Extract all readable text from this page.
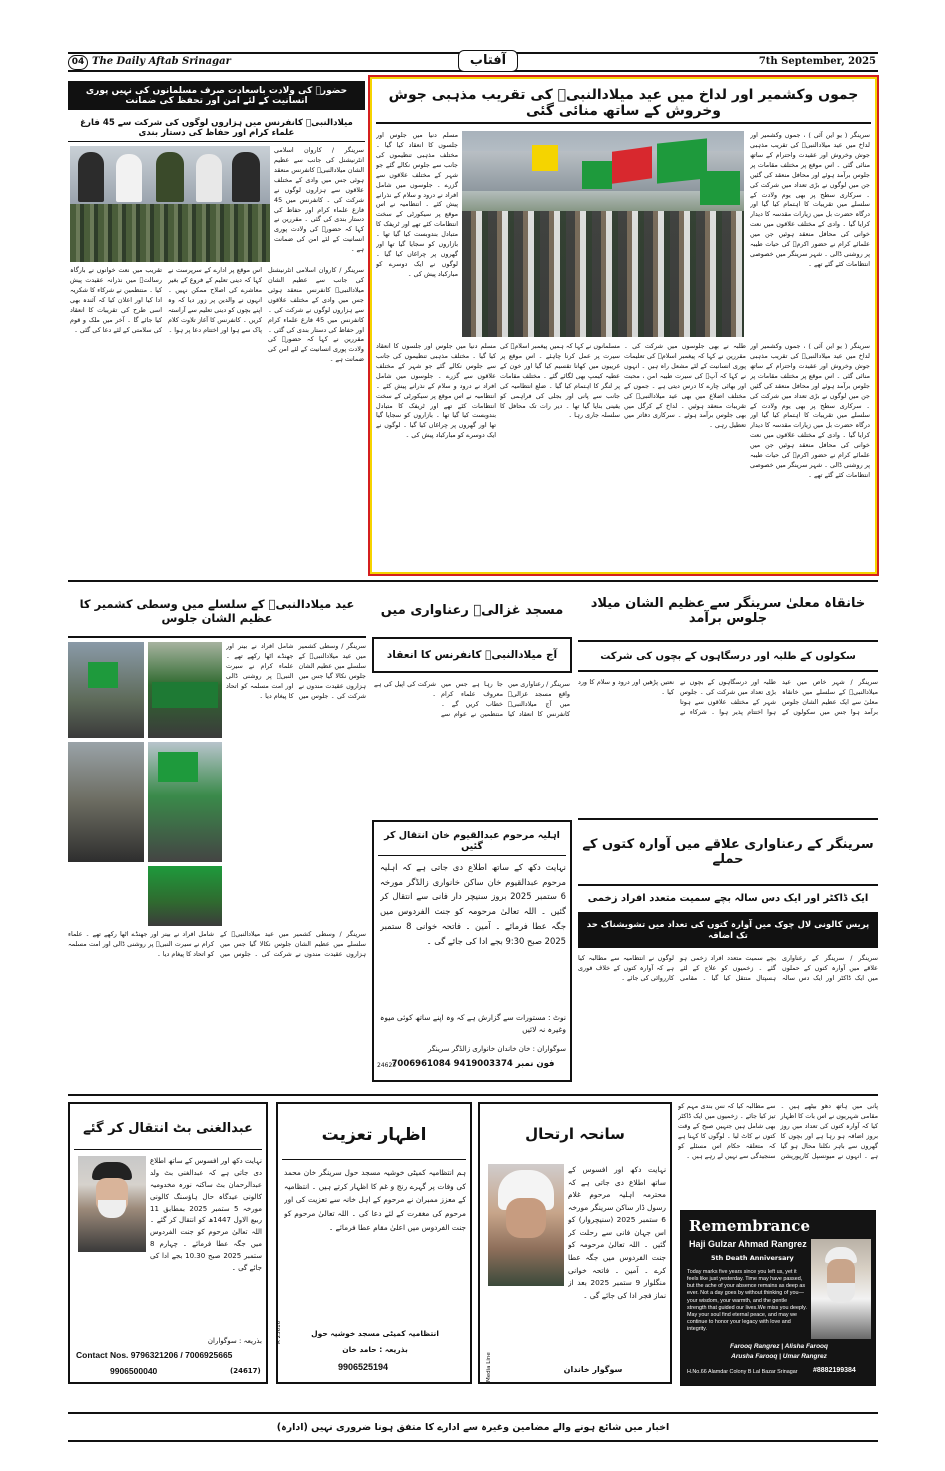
04 The Daily Aftab Srinagar	آفتاب	7th September, 2025
حضورؐ کی ولادت باسعادت صرف مسلمانوں کی نہیں پوری انسانیت کے لئے امن اور تحفظ کی ضمانت
میلادالنبیؐ کانفرنس میں ہزاروں لوگوں کی شرکت سے 45 فارغ علماء کرام اور حفاظ کی دستار بندی
سرینگر / کاروان اسلامی انٹرنیشنل کی جانب سے عظیم الشان میلادالنبیؐ کانفرنس منعقد ہوئی جس میں وادی کے مختلف علاقوں سے ہزاروں لوگوں نے شرکت کی ۔ کانفرنس میں 45 فارغ علماء کرام اور حفاظ کی دستار بندی کی گئی ۔ مقررین نے کہا کہ حضورؐ کی ولادت پوری انسانیت کے لئے امن کی ضمانت ہے ۔
تقریب میں نعت خوانوں نے بارگاہ رسالتؐ میں نذرانہ عقیدت پیش کیا ۔ منتظمین نے شرکاء کا شکریہ ادا کیا اور اعلان کیا کہ آئندہ بھی اسی طرح کی تقریبات کا انعقاد کیا جائے گا ۔ آخر میں ملک و قوم کی سلامتی کے لئے دعا کی گئی ۔
اس موقع پر ادارے کے سرپرست نے کہا کہ دینی تعلیم کے فروغ کے بغیر معاشرے کی اصلاح ممکن نہیں ۔ انہوں نے والدین پر زور دیا کہ وہ اپنے بچوں کو دینی تعلیم سے آراستہ کریں ۔ کانفرنس کا آغاز تلاوت کلام پاک سے ہوا اور اختتام دعا پر ہوا ۔
سرینگر / کاروان اسلامی انٹرنیشنل کی جانب سے عظیم الشان میلادالنبیؐ کانفرنس منعقد ہوئی جس میں وادی کے مختلف علاقوں سے ہزاروں لوگوں نے شرکت کی ۔ کانفرنس میں 45 فارغ علماء کرام اور حفاظ کی دستار بندی کی گئی ۔ مقررین نے کہا کہ حضورؐ کی ولادت پوری انسانیت کے لئے امن کی ضمانت ہے ۔
جموں وکشمیر اور لداخ میں عید میلادالنبیؐ کی تقریب مذہبی جوش وخروش کے ساتھ منائی گئی
سرینگر ( یو این آئی ) ، جموں وکشمیر اور لداخ میں عید میلادالنبیؐ کی تقریب مذہبی جوش وخروش اور عقیدت واحترام کے ساتھ منائی گئی ۔ اس موقع پر مختلف مقامات پر جلوس برآمد ہوئے اور محافل منعقد کی گئیں جن میں لوگوں نے بڑی تعداد میں شرکت کی ۔ سرکاری سطح پر بھی یوم ولادت کے سلسلے میں تقریبات کا اہتمام کیا گیا اور درگاہ حضرت بل میں زیارات مقدسہ کا دیدار کرایا گیا ۔ وادی کے مختلف علاقوں میں نعت خوانی کی محافل منعقد ہوئیں جن میں علمائے کرام نے حضور اکرمؐ کی حیات طیبہ پر روشنی ڈالی ۔ شہر سرینگر میں خصوصی انتظامات کئے گئے تھے ۔
مسلم دنیا میں جلوس اور جلسوں کا انعقاد کیا گیا ۔ مختلف مذہبی تنظیموں کی جانب سے جلوس نکالے گئے جو شہر کے مختلف علاقوں سے گزرے ۔ جلوسوں میں شامل افراد نے درود و سلام کے نذرانے پیش کئے ۔ انتظامیہ نے اس موقع پر سیکورٹی کے سخت انتظامات کئے تھے اور ٹریفک کا متبادل بندوبست کیا گیا تھا ۔ بازاروں کو سجایا گیا تھا اور گھروں پر چراغاں کیا گیا ۔ لوگوں نے ایک دوسرے کو مبارکباد پیش کی ۔
سرینگر ( یو این آئی ) ، جموں وکشمیر اور لداخ میں عید میلادالنبیؐ کی تقریب مذہبی جوش وخروش اور عقیدت واحترام کے ساتھ منائی گئی ۔ اس موقع پر مختلف مقامات پر جلوس برآمد ہوئے اور محافل منعقد کی گئیں جن میں لوگوں نے بڑی تعداد میں شرکت کی ۔ سرکاری سطح پر بھی یوم ولادت کے سلسلے میں تقریبات کا اہتمام کیا گیا اور درگاہ حضرت بل میں زیارات مقدسہ کا دیدار کرایا گیا ۔ وادی کے مختلف علاقوں میں نعت خوانی کی محافل منعقد ہوئیں جن میں علمائے کرام نے حضور اکرمؐ کی حیات طیبہ پر روشنی ڈالی ۔ شہر سرینگر میں خصوصی انتظامات کئے گئے تھے ۔
طلبہ نے بھی جلوسوں میں شرکت کی ۔ مقررین نے کہا کہ پیغمبر اسلامؐ کی تعلیمات پوری انسانیت کے لئے مشعل راہ ہیں ۔ انہوں نے کہا کہ آپؐ کی سیرت طیبہ امن ، محبت اور بھائی چارے کا درس دیتی ہے ۔ جموں کے مختلف اضلاع میں بھی عید میلادالنبیؐ کی تقریبات منعقد ہوئیں ۔ لداخ کے کرگل میں بھی جلوس برآمد ہوئے ۔ سرکاری دفاتر میں تعطیل رہی ۔
مسلمانوں نے کہا کہ ہمیں پیغمبر اسلامؐ کی سیرت پر عمل کرنا چاہئے ۔ اس موقع پر غریبوں میں کھانا تقسیم کیا گیا اور خون کے عطیہ کیمپ بھی لگائے گئے ۔ مختلف مقامات پر لنگر کا اہتمام کیا گیا ۔ ضلع انتظامیہ کی جانب سے پانی اور بجلی کی فراہمی کو یقینی بنایا گیا تھا ۔ دیر رات تک محافل کا سلسلہ جاری رہا ۔
مسلم دنیا میں جلوس اور جلسوں کا انعقاد کیا گیا ۔ مختلف مذہبی تنظیموں کی جانب سے جلوس نکالے گئے جو شہر کے مختلف علاقوں سے گزرے ۔ جلوسوں میں شامل افراد نے درود و سلام کے نذرانے پیش کئے ۔ انتظامیہ نے اس موقع پر سیکورٹی کے سخت انتظامات کئے تھے اور ٹریفک کا متبادل بندوبست کیا گیا تھا ۔ بازاروں کو سجایا گیا تھا اور گھروں پر چراغاں کیا گیا ۔ لوگوں نے ایک دوسرے کو مبارکباد پیش کی ۔
خانقاہ معلیٰ سرینگر سے عظیم الشان میلاد جلوس برآمد
سکولوں کے طلبہ اور درسگاہوں کے بچوں کی شرکت
سرینگر / شہر خاص میں عید میلادالنبیؐ کے سلسلے میں خانقاہ معلیٰ سے ایک عظیم الشان جلوس برآمد ہوا جس میں سکولوں کے طلبہ اور درسگاہوں کے بچوں نے بڑی تعداد میں شرکت کی ۔ جلوس شہر کے مختلف علاقوں سے ہوتا ہوا اختتام پذیر ہوا ۔ شرکاء نے نعتیں پڑھیں اور درود و سلام کا ورد کیا ۔
مسجد غزالیؒ رعناواری میں
آج میلادالنبیؐ کانفرنس کا انعقاد
سرینگر / رعناواری میں واقع مسجد غزالیؒ میں آج میلادالنبیؐ کانفرنس کا انعقاد کیا جا رہا ہے جس میں معروف علماء کرام خطاب کریں گے ۔ منتظمین نے عوام سے شرکت کی اپیل کی ہے ۔
اہلیہ مرحوم عبدالقیوم خان انتقال کر گئیں
نہایت دکھ کے ساتھ اطلاع دی جاتی ہے کہ اہلیہ مرحوم عبدالقیوم خان ساکن خانواری زالڈگر مورخہ 6 ستمبر 2025 بروز سنیچر دار فانی سے انتقال کر گئیں ۔ اللہ تعالیٰ مرحومہ کو جنت الفردوس میں جگہ عطا فرمائے ۔ آمین ۔ فاتحہ خوانی 8 ستمبر 2025 صبح 9:30 بجے ادا کی جائے گی ۔
نوٹ : مستورات سے گزارش ہے کہ وہ اپنے ساتھ کوئی میوہ وغیرہ نہ لائیں
سوگواران : خان خاندان خانواری زالڈگر سرینگر
فون نمبر 9419003374 7006961084
24623
عید میلادالنبیؐ کے سلسلے میں وسطی کشمیر کا عظیم الشان جلوس
سرینگر / وسطی کشمیر میں عید میلادالنبیؐ کے سلسلے میں عظیم الشان جلوس نکالا گیا جس میں ہزاروں عقیدت مندوں نے شرکت کی ۔ جلوس میں شامل افراد نے بینر اور جھنڈے اٹھا رکھے تھے ۔ علماء کرام نے سیرت النبیؐ پر روشنی ڈالی اور امت مسلمہ کو اتحاد کا پیغام دیا ۔
سرینگر / وسطی کشمیر میں عید میلادالنبیؐ کے سلسلے میں عظیم الشان جلوس نکالا گیا جس میں ہزاروں عقیدت مندوں نے شرکت کی ۔ جلوس میں شامل افراد نے بینر اور جھنڈے اٹھا رکھے تھے ۔ علماء کرام نے سیرت النبیؐ پر روشنی ڈالی اور امت مسلمہ کو اتحاد کا پیغام دیا ۔
سرینگر کے رعناواری علاقے میں آوارہ کتوں کے حملے
ایک ڈاکٹر اور ایک دس سالہ بچے سمیت متعدد افراد زخمی
پریس کالونی لال چوک میں آوارہ کتوں کی تعداد میں تشویشناک حد تک اضافہ
سرینگر / سرینگر کے رعناواری علاقے میں آوارہ کتوں کے حملوں میں ایک ڈاکٹر اور ایک دس سالہ بچے سمیت متعدد افراد زخمی ہو گئے ۔ زخمیوں کو علاج کے لئے ہسپتال منتقل کیا گیا ۔ مقامی لوگوں نے انتظامیہ سے مطالبہ کیا ہے کہ آوارہ کتوں کے خلاف فوری کارروائی کی جائے ۔
عبدالغنی بٹ انتقال کر گئے
نہایت دکھ اور افسوس کے ساتھ اطلاع دی جاتی ہے کہ عبدالغنی بٹ ولد عبدالرحمان بٹ ساکنہ نورہ مخدومیہ کالونی عیدگاہ حال ہاؤسنگ کالونی مورخہ 5 ستمبر 2025 بمطابق 11 ربیع الاول 1447ھ کو انتقال کر گئے ۔ اللہ تعالیٰ مرحوم کو جنت الفردوس میں جگہ عطا فرمائے ۔ چہارم 8 ستمبر 2025 صبح 10.30 بجے ادا کی جائے گی ۔
بذریعہ : سوگواران
Contact Nos. 9796321206 / 7006925665
9906500040	(24617)
اظہار تعزیت
ہم انتظامیہ کمیٹی خوشیہ مسجد حول سرینگر خان محمد کی وفات پر گہرے رنج و غم کا اظہار کرتے ہیں ۔ انتظامیہ کے معزز ممبران نے مرحوم کے اہل خانہ سے تعزیت کی اور مرحوم کی مغفرت کے لئے دعا کی ۔ اللہ تعالیٰ مرحوم کو جنت الفردوس میں اعلیٰ مقام عطا فرمائے ۔
انتظامیہ کمیٹی مسجد خوشیہ حول
بذریعہ : حامد خان
9906525194
R 23616
سانحہ ارتحال
نہایت دکھ اور افسوس کے ساتھ اطلاع دی جاتی ہے کہ محترمہ اہلیہ مرحوم غلام رسول ڈار ساکن سرینگر مورخہ 6 ستمبر 2025 (سنیچروار) کو اس جہان فانی سے رحلت کر گئیں ۔ اللہ تعالیٰ مرحومہ کو جنت الفردوس میں جگہ عطا کرے ۔ آمین ۔ فاتحہ خوانی منگلوار 9 ستمبر 2025 بعد از نماز فجر ادا کی جائے گی ۔
سوگوار خاندان
Media Line
پانی میں ہاتھ دھو بیٹھے ہیں ۔ مقامی شہریوں نے اس بات کا اظہار کیا کہ آوارہ کتوں کی تعداد میں روز بروز اضافہ ہو رہا ہے اور بچوں کا گھروں سے باہر نکلنا محال ہو گیا ہے ۔ انہوں نے میونسپل کارپوریشن سے مطالبہ کیا کہ نس بندی مہم کو تیز کیا جائے ۔ زخمیوں میں ایک ڈاکٹر بھی شامل ہیں جنہیں صبح کے وقت کتوں نے کاٹ لیا ۔ لوگوں کا کہنا ہے کہ متعلقہ حکام اس مسئلے کو سنجیدگی سے نہیں لے رہے ہیں ۔
Remembrance
Haji Gulzar Ahmad Rangrez
5th Death Anniversary
Today marks five years since you left us, yet it feels like just yesterday. Time may have passed, but the ache of your absence remains as deep as ever. Not a day goes by without thinking of you—your wisdom, your warmth, and the gentle strength that guided our lives.We miss you deeply. May your soul find eternal peace, and may we continue to honor your legacy with love and integrity.
Farooq Rangrez | Alisha Farooq
Arusha Farooq | Umar Rangrez
H.No.66 Alamdar Colony B Lal Bazar Srinagar #8882199384
اخبار میں شائع ہونے والے مضامین وغیرہ سے ادارے کا متفق ہونا ضروری نہیں (ادارہ)
